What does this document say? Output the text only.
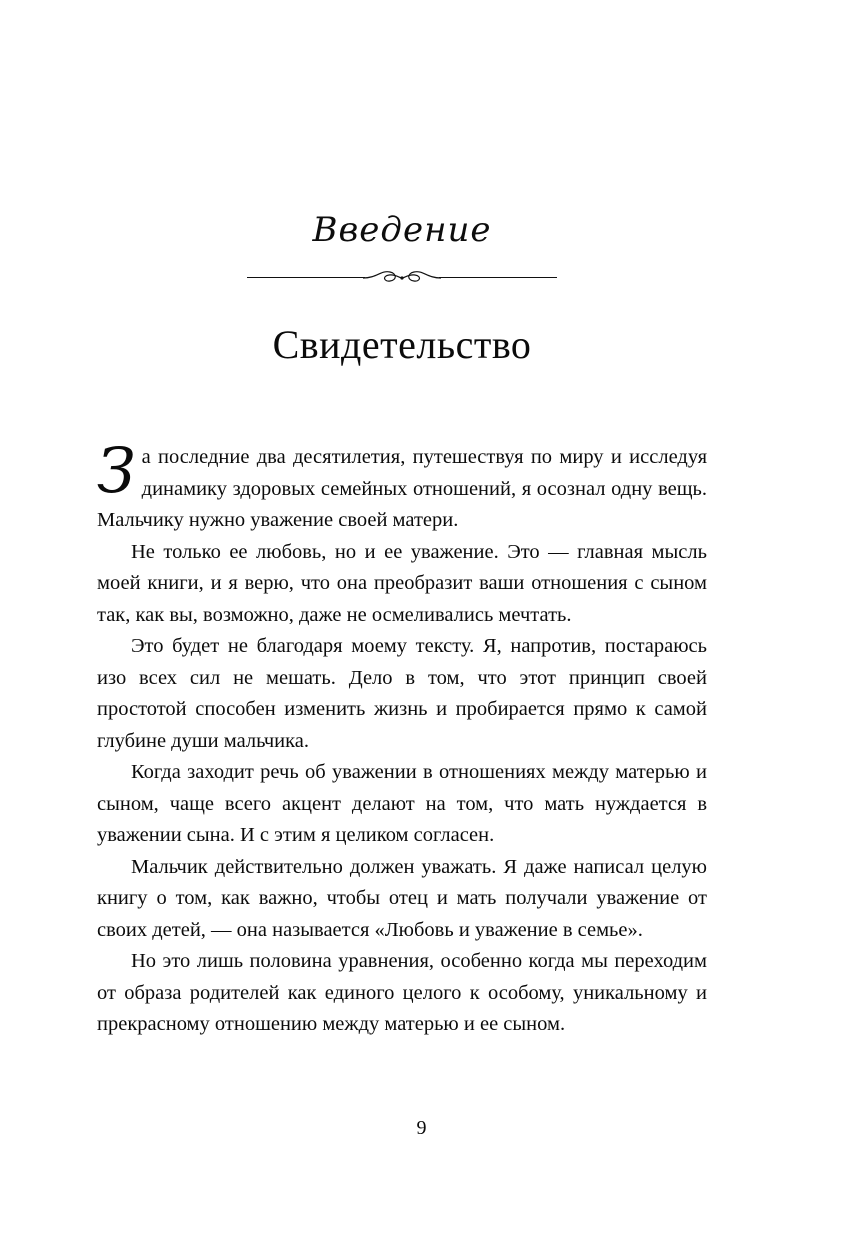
Введение
Свидетельство

За последние два десятилетия, путешествуя по миру и исследуя динамику здоровых семейных отношений, я осознал одну вещь. Мальчику нужно уважение своей матери.

Не только ее любовь, но и ее уважение. Это — главная мысль моей книги, и я верю, что она преобразит ваши отношения с сыном так, как вы, возможно, даже не осмеливались мечтать.

Это будет не благодаря моему тексту. Я, напротив, постараюсь изо всех сил не мешать. Дело в том, что этот принцип своей простотой способен изменить жизнь и пробирается прямо к самой глубине души мальчика.

Когда заходит речь об уважении в отношениях между матерью и сыном, чаще всего акцент делают на том, что мать нуждается в уважении сына. И с этим я целиком согласен.

Мальчик действительно должен уважать. Я даже написал целую книгу о том, как важно, чтобы отец и мать получали уважение от своих детей, — она называется «Любовь и уважение в семье».

Но это лишь половина уравнения, особенно когда мы переходим от образа родителей как единого целого к особому, уникальному и прекрасному отношению между матерью и ее сыном.

9
